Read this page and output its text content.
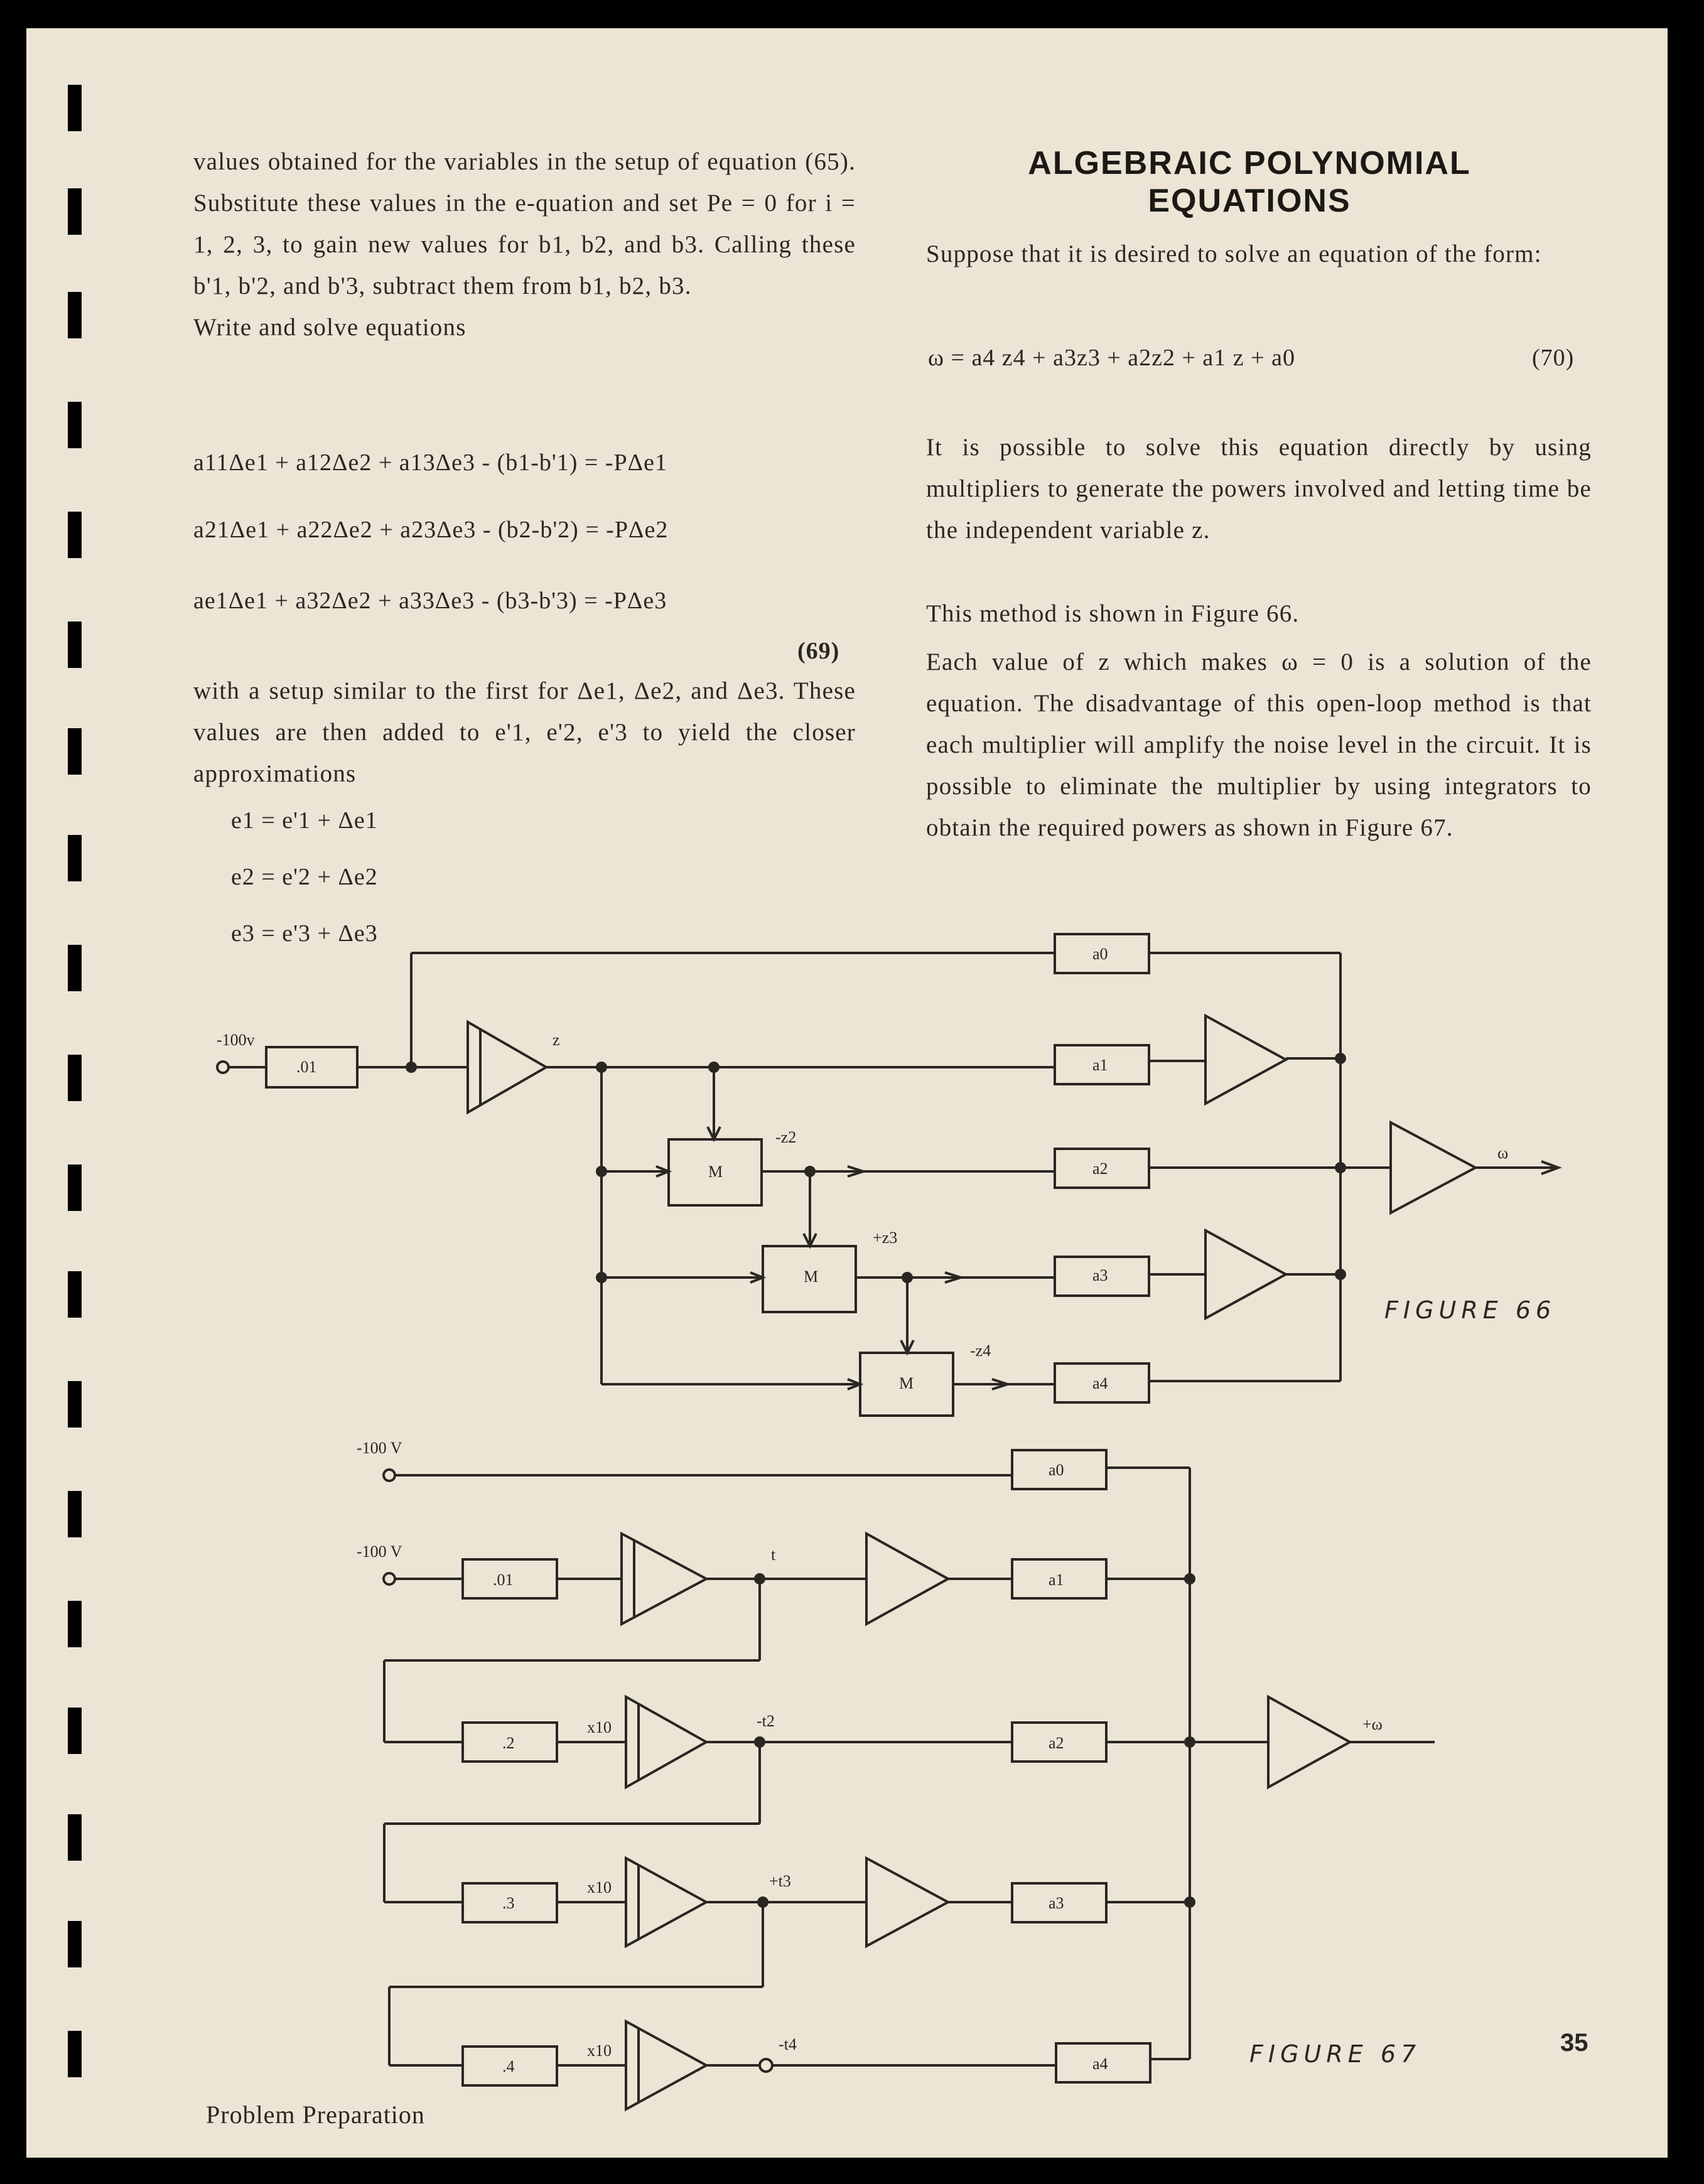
values obtained for the variables in the setup of equation (65). Substitute these values in the e-quation and set Pe = 0 for i = 1, 2, 3, to gain new values for b1, b2, and b3. Calling these b'1, b'2, and b'3, subtract them from b1, b2, b3.

Write and solve equations
a11Δe1 + a12Δe2 + a13Δe3 - (b1-b'1) = -PΔe1
a21Δe1 + a22Δe2 + a23Δe3 - (b2-b'2) = -PΔe2
ae1Δe1 + a32Δe2 + a33Δe3 - (b3-b'3) = -PΔe3
(69)

with a setup similar to the first for Δe1, Δe2, and Δe3. These values are then added to e'1, e'2, e'3 to yield the closer approximations

e1 = e'1 + Δe1
e2 = e'2 + Δe2
e3 = e'3 + Δe3
ALGEBRAIC POLYNOMIAL
EQUATIONS

Suppose that it is desired to solve an equation of the form:

ω = a4 z4 + a3z3 + a2z2 + a1 z + a0	(70)

It is possible to solve this equation directly by using multipliers to generate the powers involved and letting time be the independent variable z.

This method is shown in Figure 66.

Each value of z which makes ω = 0 is a solution of the equation. The disadvantage of this open-loop method is that each multiplier will amplify the noise level in the circuit. It is possible to eliminate the multiplier by using integrators to obtain the required powers as shown in Figure 67.

-100v
.01
z
M
M
M
-z2
+z3
-z4
a0
a1
a2
a3
a4
ω
FIGURE 66
-100 V
-100 V
.01
.2
.3
.4
x10
x10
x10
t
-t2
+t3
-t4
a0
a1
a2
a3
a4
+ω
FIGURE 67	35
Problem Preparation
